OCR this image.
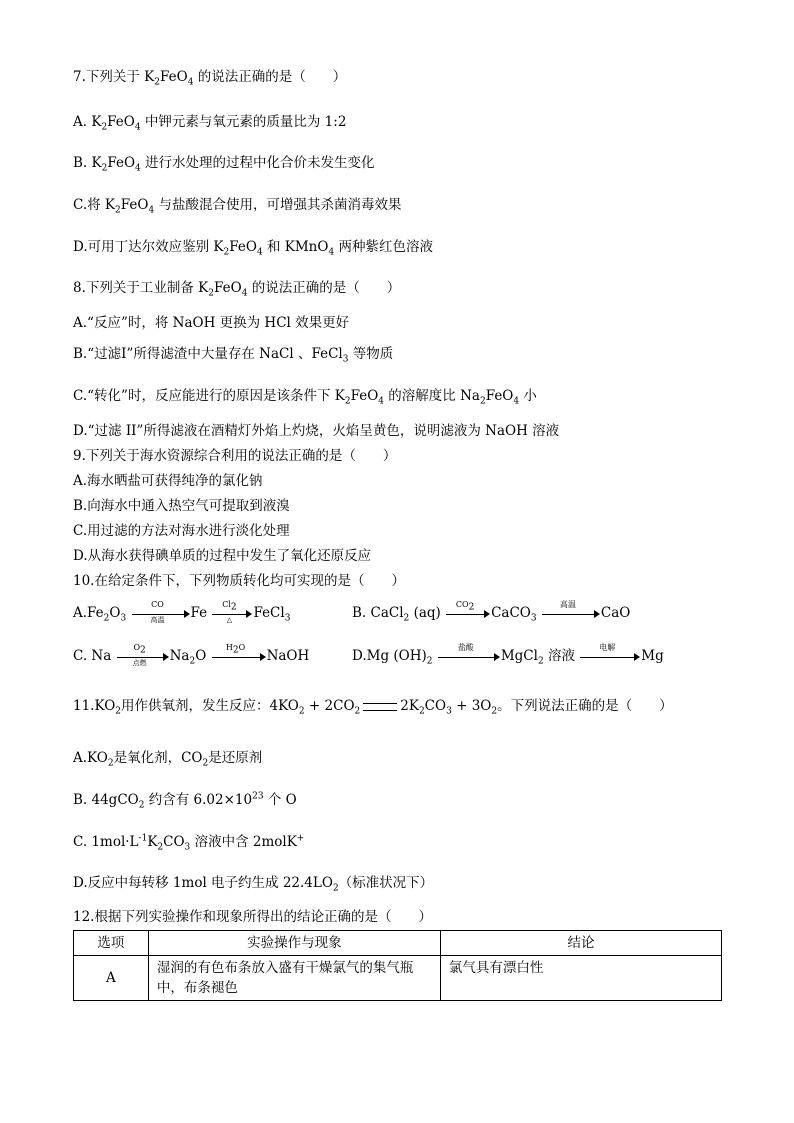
7.下列关于 $K_2FeO_4$ 的说法正确的是（　　）
A. $K_2FeO_4$ 中钾元素与氧元素的质量比为 1:2
B. $K_2FeO_4$ 进行水处理的过程中化合价未发生变化
C.将 $K_2FeO_4$ 与盐酸混合使用，可增强其杀菌消毒效果
D.可用丁达尔效应鉴别 $K_2FeO_4$ 和 KMnO$_4$ 两种紫红色溶液
8.下列关于工业制备 $K_2FeO_4$ 的说法正确的是（　　）
A.“反应”时，将 NaOH 更换为 HCl 效果更好
B.“过滤Ⅰ”所得滤渣中大量存在 NaCl 、FeCl$_3$ 等物质
C.“转化”时，反应能进行的原因是该条件下 $K_2FeO_4$ 的溶解度比 $Na_2FeO_4$ 小
D.“过滤 II”所得滤液在酒精灯外焰上灼烧，火焰呈黄色，说明滤液为 NaOH 溶液
9.下列关于海水资源综合利用的说法正确的是（　　）
A.海水晒盐可获得纯净的氯化钠
B.向海水中通入热空气可提取到液溴
C.用过滤的方法对海水进行淡化处理
D.从海水获得碘单质的过程中发生了氧化还原反应
10.在给定条件下，下列物质转化均可实现的是（　　）
$A.Fe_2O_3$
CO
高温	Fe
$Cl_2$
△	FeCl$_3$	B. CaCl$_2$ (aq)
$CO_2$	CaCO$_3$
高温
CaO
C. Na
$O_2$
点燃	$Na_2O$
$H_2O$
NaOH	D.Mg $(OH)_2$
盐酸
MgCl$_2$ 溶液
电解
Mg
$11.KO_2$用作供氧剂，发生反应：$4KO_2 + 2CO_2$	$2K_2CO_3 + 3O_2$。下列说法正确的是（　　）
$A.KO_2$是氧化剂，$CO_2$是还原剂
B. 44gCO$_2$ 约含有 $6.02\times 10^{23}$ 个 O
C. $1mol\cdot L^{-1}K_2CO_3$ 溶液中含 2molK+
D.反应中每转移 1mol 电子约生成 $22.4LO_2$（标准状况下）
12.根据下列实验操作和现象所得出的结论正确的是（　　）
选项	实验操作与现象	结论
A	湿润的有色布条放入盛有干燥氯气的集气瓶中，布条褪色	氯气具有漂白性
